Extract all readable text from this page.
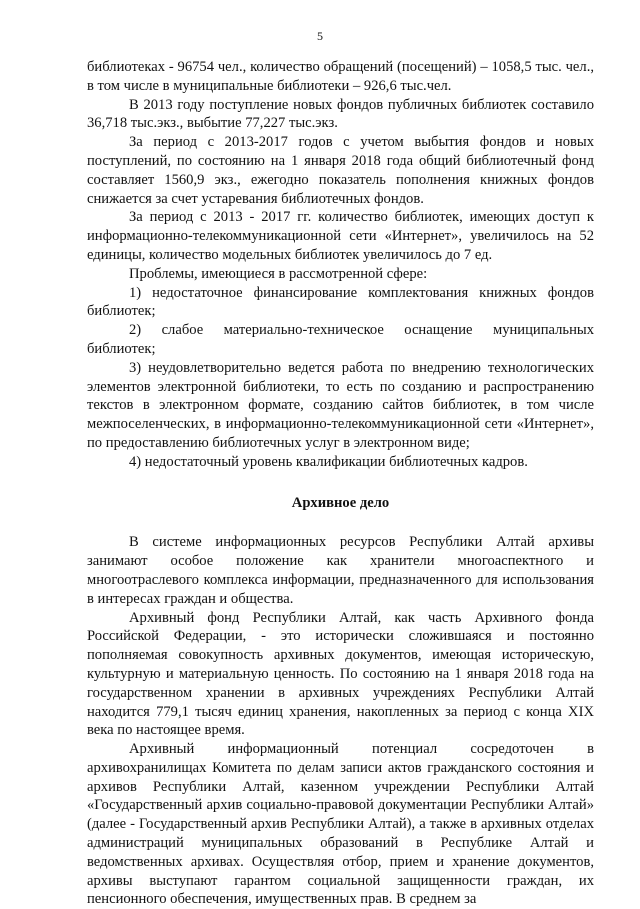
5

библиотеках - 96754 чел., количество обращений (посещений) – 1058,5 тыс. чел., в том числе в муниципальные библиотеки – 926,6 тыс.чел.

В 2013 году поступление новых фондов публичных библиотек составило 36,718 тыс.экз., выбытие 77,227 тыс.экз.

За период с 2013-2017 годов с учетом выбытия фондов и новых поступлений, по состоянию на 1 января 2018 года общий библиотечный фонд составляет 1560,9 экз., ежегодно показатель пополнения книжных фондов снижается за счет устаревания библиотечных фондов.

За период с 2013 - 2017 гг. количество библиотек, имеющих доступ к информационно-телекоммуникационной сети «Интернет», увеличилось на 52 единицы, количество модельных библиотек увеличилось до 7 ед.

Проблемы, имеющиеся в рассмотренной сфере:

1) недостаточное финансирование комплектования книжных фондов библиотек;

2) слабое материально-техническое оснащение муниципальных библиотек;

3) неудовлетворительно ведется работа по внедрению технологических элементов электронной библиотеки, то есть по созданию и распространению текстов в электронном формате, созданию сайтов библиотек, в том числе межпоселенческих, в информационно-телекоммуникационной сети «Интернет», по предоставлению библиотечных услуг в электронном виде;

4) недостаточный уровень квалификации библиотечных кадров.

Архивное дело

В системе информационных ресурсов Республики Алтай архивы занимают особое положение как хранители многоаспектного и многоотраслевого комплекса информации, предназначенного для использования в интересах граждан и общества.

Архивный фонд Республики Алтай, как часть Архивного фонда Российской Федерации, - это исторически сложившаяся и постоянно пополняемая совокупность архивных документов, имеющая историческую, культурную и материальную ценность. По состоянию на 1 января 2018 года на государственном хранении в архивных учреждениях Республики Алтай находится 779,1 тысяч единиц хранения, накопленных за период с конца XIX века по настоящее время.

Архивный информационный потенциал сосредоточен в архивохранилищах Комитета по делам записи актов гражданского состояния и архивов Республики Алтай, казенном учреждении Республики Алтай «Государственный архив социально-правовой документации Республики Алтай» (далее - Государственный архив Республики Алтай), а также в архивных отделах администраций муниципальных образований в Республике Алтай и ведомственных архивах. Осуществляя отбор, прием и хранение документов, архивы выступают гарантом социальной защищенности граждан, их пенсионного обеспечения, имущественных прав. В среднем за
